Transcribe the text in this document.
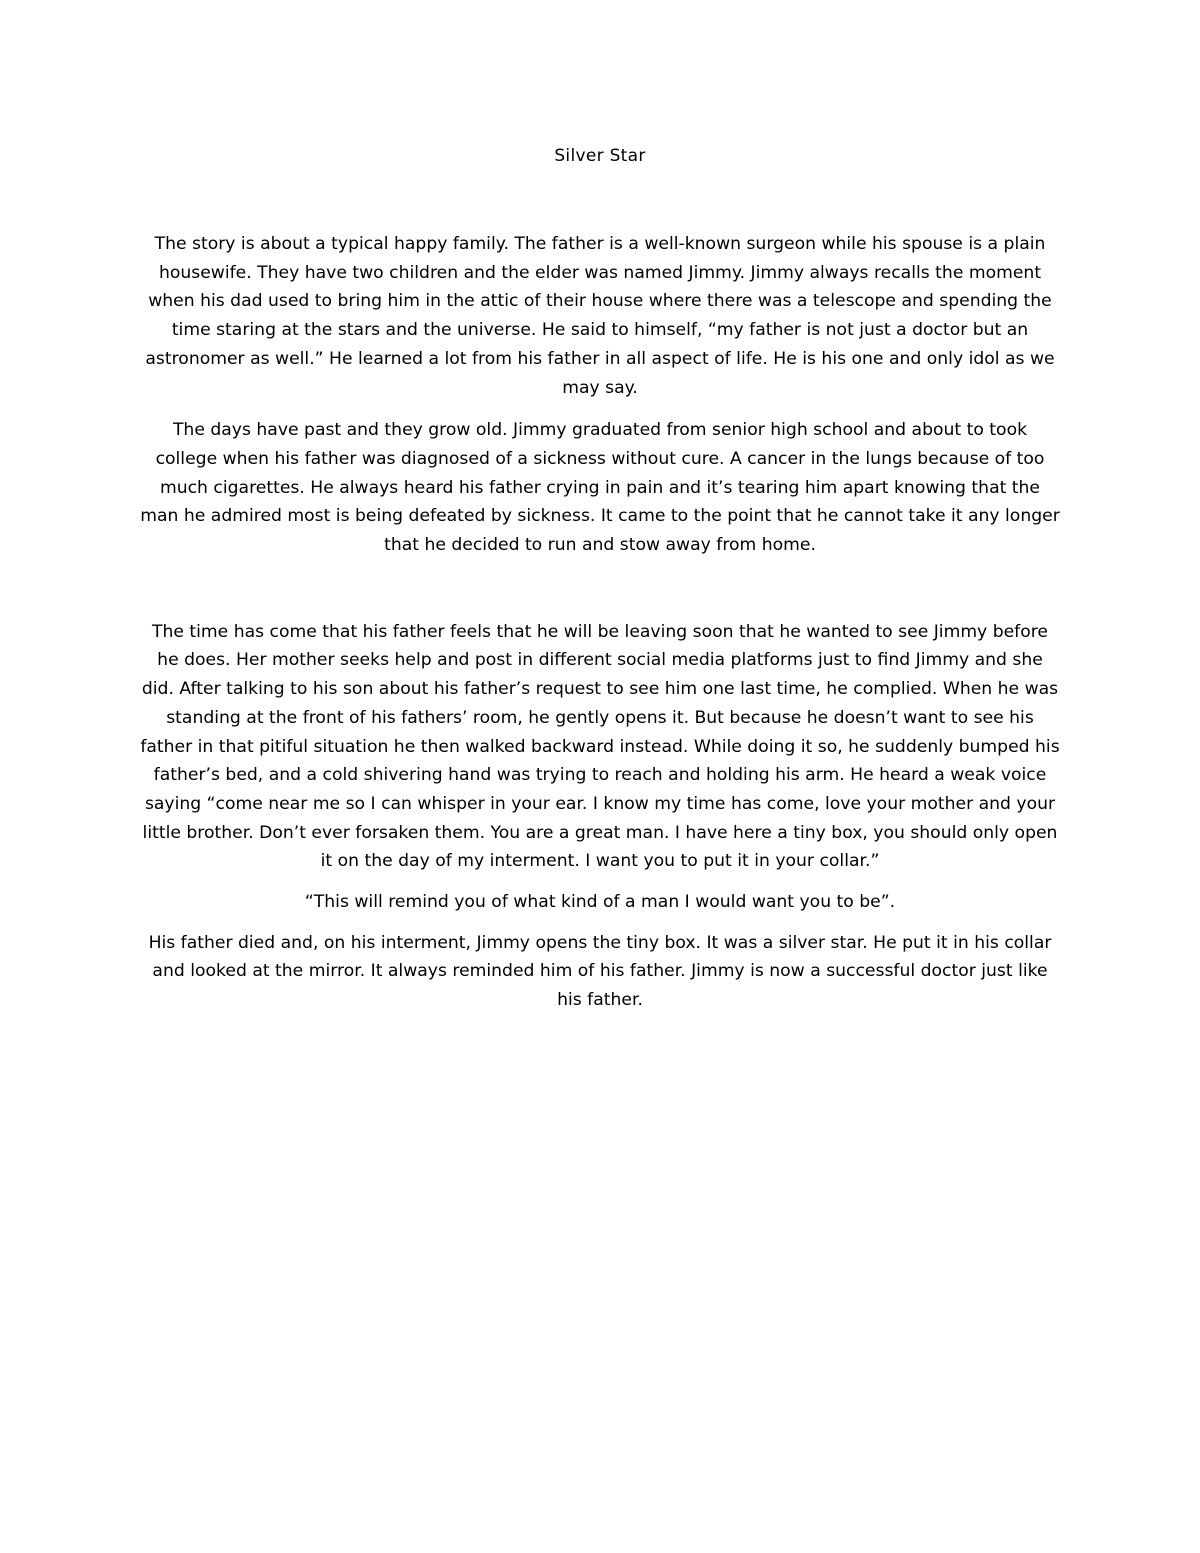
Silver Star

The story is about a typical happy family. The father is a well-known surgeon while his spouse is a plain housewife. They have two children and the elder was named Jimmy. Jimmy always recalls the moment when his dad used to bring him in the attic of their house where there was a telescope and spending the time staring at the stars and the universe. He said to himself, “my father is not just a doctor but an astronomer as well.” He learned a lot from his father in all aspect of life. He is his one and only idol as we may say.

The days have past and they grow old. Jimmy graduated from senior high school and about to took college when his father was diagnosed of a sickness without cure. A cancer in the lungs because of too much cigarettes. He always heard his father crying in pain and it’s tearing him apart knowing that the man he admired most is being defeated by sickness. It came to the point that he cannot take it any longer that he decided to run and stow away from home.

The time has come that his father feels that he will be leaving soon that he wanted to see Jimmy before he does. Her mother seeks help and post in different social media platforms just to find Jimmy and she did. After talking to his son about his father’s request to see him one last time, he complied. When he was standing at the front of his fathers’ room, he gently opens it. But because he doesn’t want to see his father in that pitiful situation he then walked backward instead. While doing it so, he suddenly bumped his father’s bed, and a cold shivering hand was trying to reach and holding his arm. He heard a weak voice saying “come near me so I can whisper in your ear. I know my time has come, love your mother and your little brother. Don’t ever forsaken them. You are a great man. I have here a tiny box, you should only open it on the day of my interment. I want you to put it in your collar.”

“This will remind you of what kind of a man I would want you to be”.

His father died and, on his interment, Jimmy opens the tiny box. It was a silver star. He put it in his collar and looked at the mirror. It always reminded him of his father. Jimmy is now a successful doctor just like his father.
